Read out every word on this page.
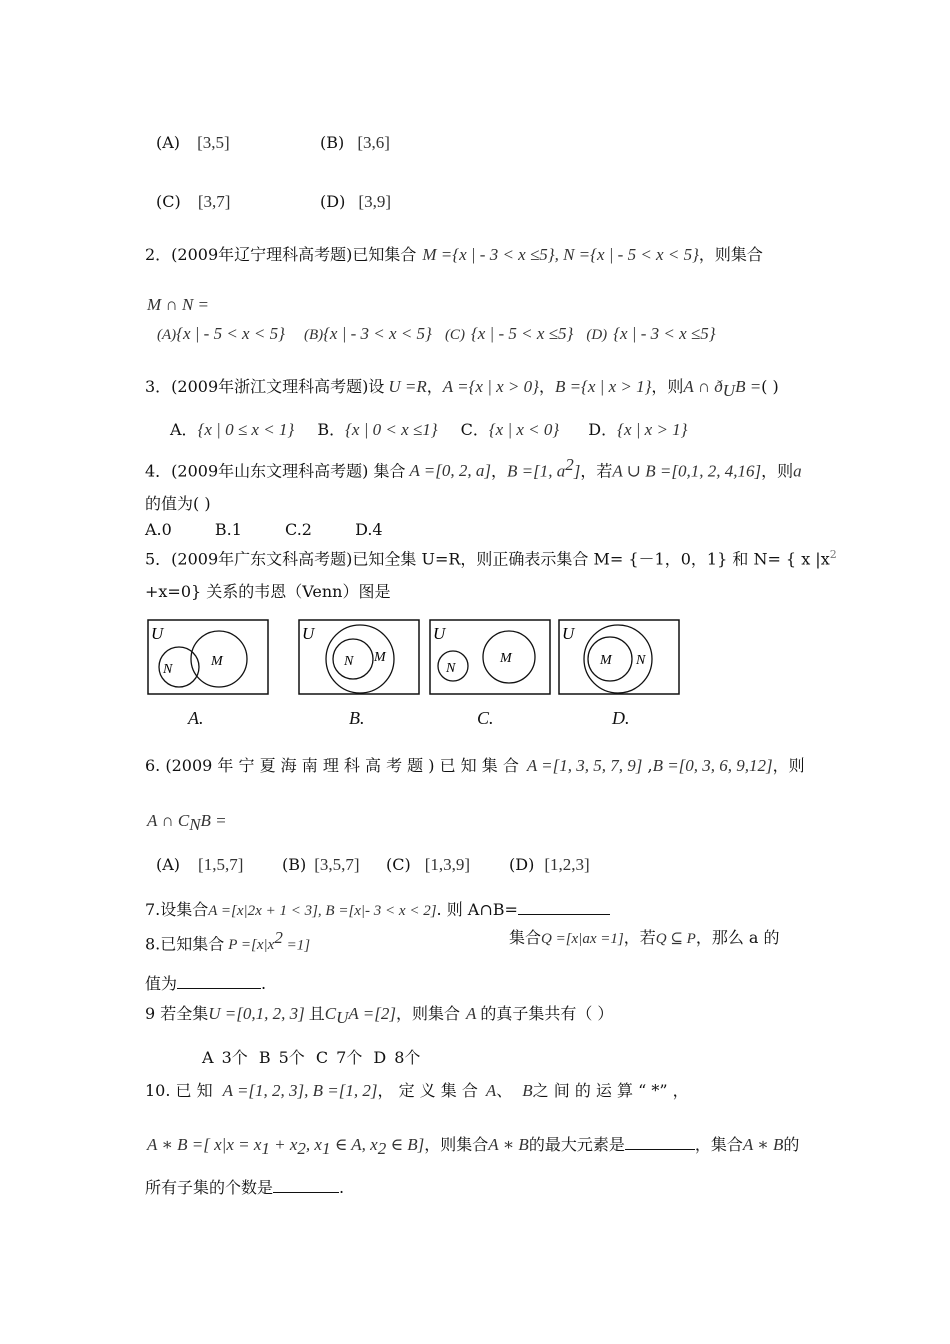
(A) [3,5]	(B) [3,6]
(C) [3,7]	(D) [3,9]
2．(2009年辽宁理科高考题)已知集合 M ={x | - 3 < x ≤5}, N ={x | - 5 < x < 5}，则集合
M ∩ N =
(A){x | - 5 < x < 5} (B){x | - 3 < x < 5} (C) {x | - 5 < x ≤5} (D) {x | - 3 < x ≤5}
3．(2009年浙江文理科高考题)设 U =R，A ={x | x > 0}，B ={x | x > 1}，则A ∩ $ð_UB$ =( )
A．{x | 0 ≤ x < 1} B．{x | 0 < x ≤1} C．{x | x < 0} D．{x | x > 1}
4．(2009年山东文理科高考题) 集合 A =[0, 2, a]，B =[1, $a^2$]，若A ∪ B =[0,1, 2, 4,16]，则a
的值为( )
A.0	B.1	C.2	D.4
5．(2009年广东文科高考题)已知全集 U=R，则正确表示集合 M= {－1，0，1} 和 N= { x $|x^2$
+x=0} 关系的韦恩（Venn）图是
U
N
M
U
N M
U
N
M
U
M N
A.	B.	C.	D.
6. (2009 年 宁 夏 海 南 理 科 高 考 题 ) 已 知 集 合 A =[1, 3, 5, 7, 9] ,B =[0, 3, 6, 9,12]，则
A ∩ $C_NB$ =
(A) [1,5,7] (B) [3,5,7] (C) [1,3,9] (D) [1,2,3]
7.设集合A =[x|2x + 1 < 3], B =[x|- 3 < x < 2]. 则 A∩B=
8.已知集合 $P =[x|x^2 =1]$	集合Q =[x|ax =1]，若Q ⊆ P，那么 a 的
值为	.
9 若全集U =[0,1, 2, 3] 且$C_UA =[2]$，则集合 A 的真子集共有（ ）
A 3个 B 5个 C 7个 D 8个
10. 已 知 A =[1, 2, 3], B =[1, 2]， 定 义 集 合 A、 B之 间 的 运 算 “ *” ，
A ∗ B =[ $x|x = x_1 + x_2$, $x_1$ ∈ A, $x_2$ ∈ B]，则集合A ∗ B的最大元素是	，集合A ∗ B的
所有子集的个数是	.
